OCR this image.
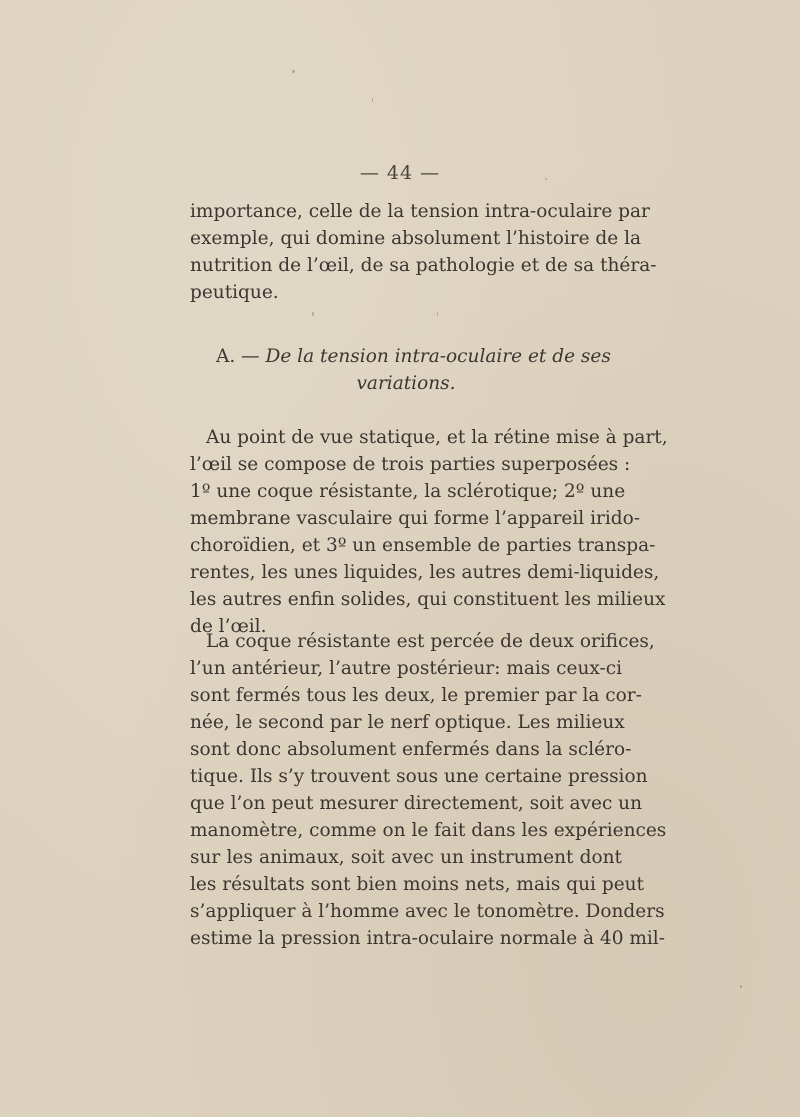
— 44 —
importance, celle de la tension intra-oculaire par
exemple, qui domine absolument l’histoire de la
nutrition de l’œil, de sa pathologie et de sa théra-
peutique.
A. — De la tension intra-oculaire et de ses
variations.
Au point de vue statique, et la rétine mise à part,
l’œil se compose de trois parties superposées :
1º une coque résistante, la sclérotique; 2º une
membrane vasculaire qui forme l’appareil irido-
choroïdien, et 3º un ensemble de parties transpa-
rentes, les unes liquides, les autres demi-liquides,
les autres enfin solides, qui constituent les milieux
de l’œil.
La coque résistante est percée de deux orifices,
l’un antérieur, l’autre postérieur: mais ceux-ci
sont fermés tous les deux, le premier par la cor-
née, le second par le nerf optique. Les milieux
sont donc absolument enfermés dans la scléro-
tique. Ils s’y trouvent sous une certaine pression
que l’on peut mesurer directement, soit avec un
manomètre, comme on le fait dans les expériences
sur les animaux, soit avec un instrument dont
les résultats sont bien moins nets, mais qui peut
s’appliquer à l’homme avec le tonomètre. Donders
estime la pression intra-oculaire normale à 40 mil-
